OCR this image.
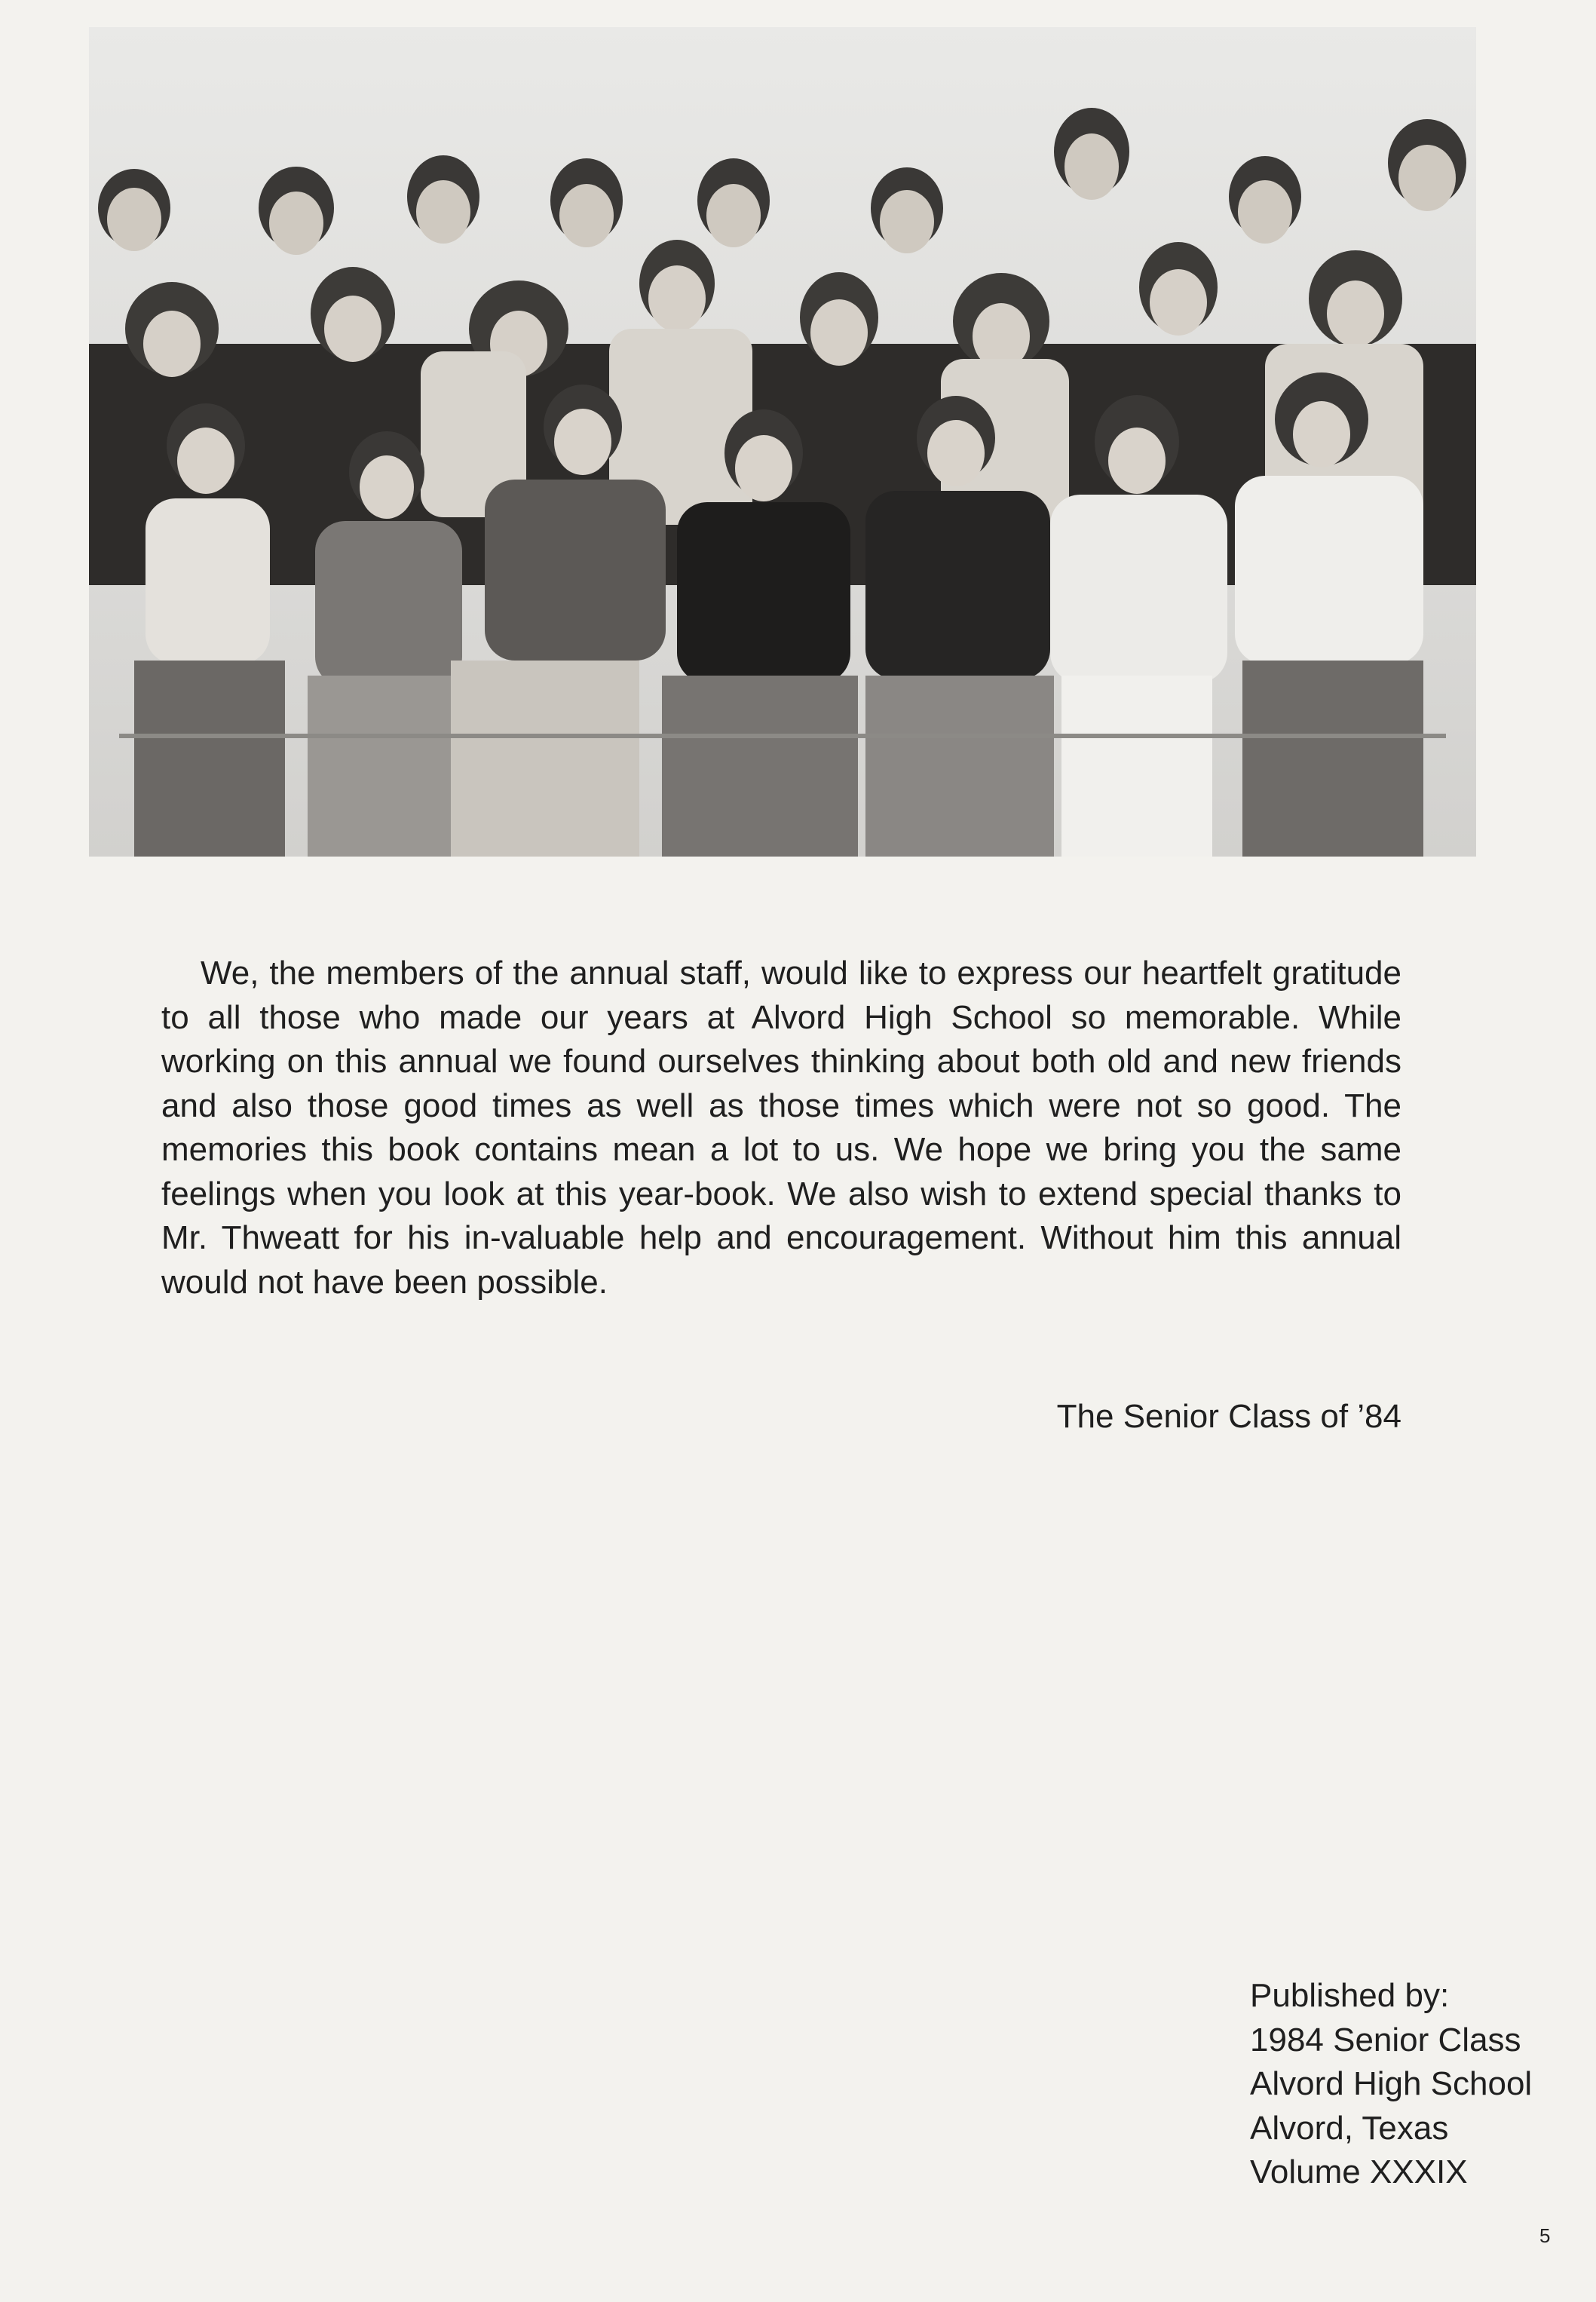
We, the members of the annual staff, would like to express our heartfelt gratitude to all those who made our years at Alvord High School so memorable. While working on this annual we found ourselves thinking about both old and new friends and also those good times as well as those times which were not so good. The memories this book contains mean a lot to us. We hope we bring you the same feelings when you look at this year-book. We also wish to extend special thanks to Mr. Thweatt for his in-valuable help and encouragement. Without him this annual would not have been possible.

The Senior Class of ’84
Published by:
1984 Senior Class
Alvord High School
Alvord, Texas
Volume XXXIX
5
